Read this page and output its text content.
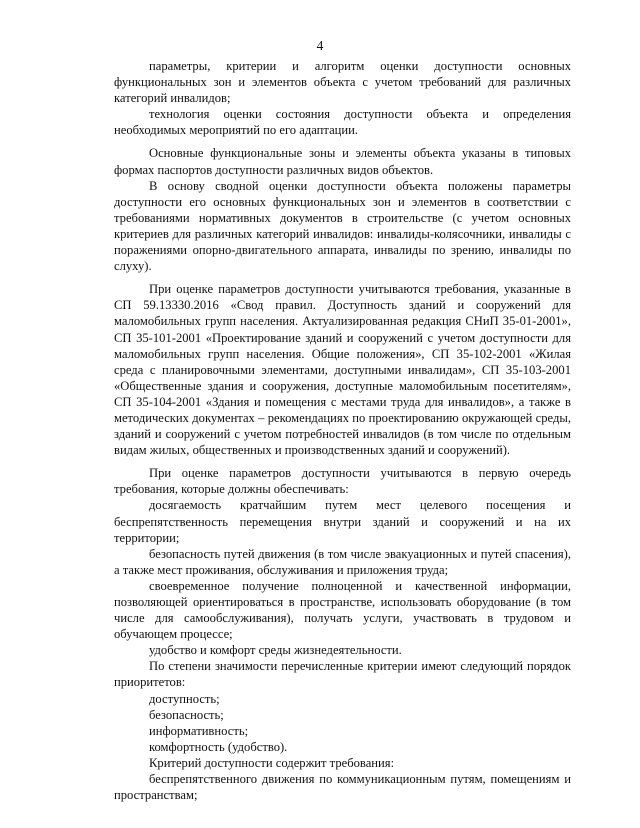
4

параметры, критерии и алгоритм оценки доступности основных функциональных зон и элементов объекта с учетом требований для различных категорий инвалидов;

технология оценки состояния доступности объекта и определения необходимых мероприятий по его адаптации.

Основные функциональные зоны и элементы объекта указаны в типовых формах паспортов доступности различных видов объектов.

В основу сводной оценки доступности объекта положены параметры доступности его основных функциональных зон и элементов в соответствии с требованиями нормативных документов в строительстве (с учетом основных критериев для различных категорий инвалидов: инвалиды-колясочники, инвалиды с поражениями опорно-двигательного аппарата, инвалиды по зрению, инвалиды по слуху).

При оценке параметров доступности учитываются требования, указанные в СП 59.13330.2016 «Свод правил. Доступность зданий и сооружений для маломобильных групп населения. Актуализированная редакция СНиП 35-01-2001», СП 35-101-2001 «Проектирование зданий и сооружений с учетом доступности для маломобильных групп населения. Общие положения», СП 35-102-2001 «Жилая среда с планировочными элементами, доступными инвалидам», СП 35-103-2001 «Общественные здания и сооружения, доступные маломобильным посетителям», СП 35-104-2001 «Здания и помещения с местами труда для инвалидов», а также в методических документах – рекомендациях по проектированию окружающей среды, зданий и сооружений с учетом потребностей инвалидов (в том числе по отдельным видам жилых, общественных и производственных зданий и сооружений).

При оценке параметров доступности учитываются в первую очередь требования, которые должны обеспечивать:

досягаемость кратчайшим путем мест целевого посещения и беспрепятственность перемещения внутри зданий и сооружений и на их территории;

безопасность путей движения (в том числе эвакуационных и путей спасения), а также мест проживания, обслуживания и приложения труда;

своевременное получение полноценной и качественной информации, позволяющей ориентироваться в пространстве, использовать оборудование (в том числе для самообслуживания), получать услуги, участвовать в трудовом и обучающем процессе;

удобство и комфорт среды жизнедеятельности.

По степени значимости перечисленные критерии имеют следующий порядок приоритетов:

доступность;

безопасность;

информативность;

комфортность (удобство).

Критерий доступности содержит требования:

беспрепятственного движения по коммуникационным путям, помещениям и пространствам;
